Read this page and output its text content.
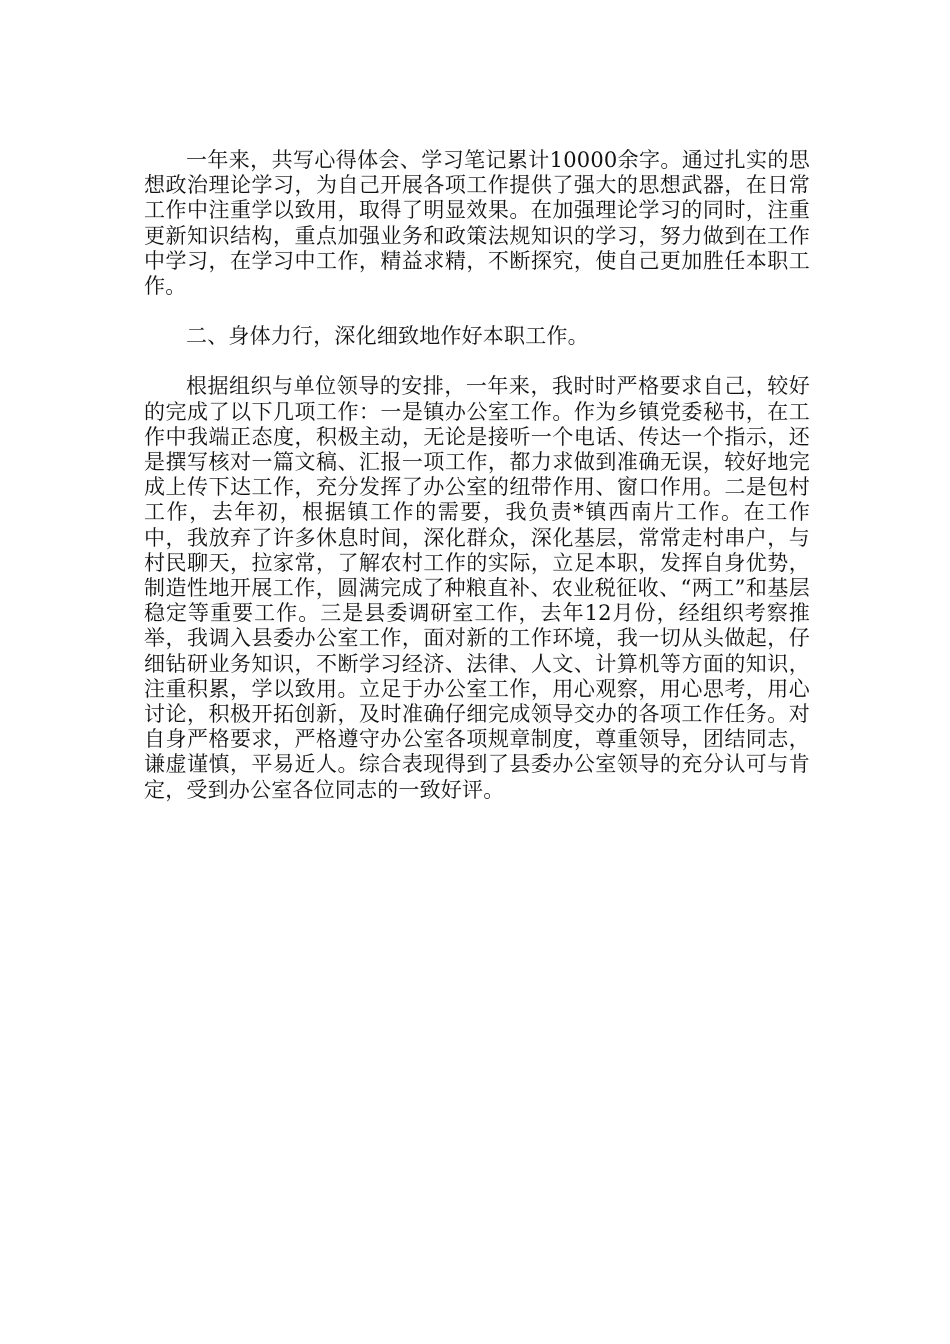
一年来，共写心得体会、学习笔记累计10000余字。通过扎实的思想政治理论学习，为自己开展各项工作提供了强大的思想武器，在日常工作中注重学以致用，取得了明显效果。在加强理论学习的同时，注重更新知识结构，重点加强业务和政策法规知识的学习，努力做到在工作中学习，在学习中工作，精益求精，不断探究，使自己更加胜任本职工作。

二、身体力行，深化细致地作好本职工作。

根据组织与单位领导的安排，一年来，我时时严格要求自己，较好的完成了以下几项工作：一是镇办公室工作。作为乡镇党委秘书，在工作中我端正态度，积极主动，无论是接听一个电话、传达一个指示，还是撰写核对一篇文稿、汇报一项工作，都力求做到准确无误，较好地完成上传下达工作，充分发挥了办公室的纽带作用、窗口作用。二是包村工作，去年初，根据镇工作的需要，我负责*镇西南片工作。在工作中，我放弃了许多休息时间，深化群众，深化基层，常常走村串户，与村民聊天，拉家常，了解农村工作的实际，立足本职，发挥自身优势，制造性地开展工作，圆满完成了种粮直补、农业税征收、“两工”和基层稳定等重要工作。三是县委调研室工作，去年12月份，经组织考察推举，我调入县委办公室工作，面对新的工作环境，我一切从头做起，仔细钻研业务知识，不断学习经济、法律、人文、计算机等方面的知识，注重积累，学以致用。立足于办公室工作，用心观察，用心思考，用心讨论，积极开拓创新，及时准确仔细完成领导交办的各项工作任务。对自身严格要求，严格遵守办公室各项规章制度，尊重领导，团结同志，谦虚谨慎，平易近人。综合表现得到了县委办公室领导的充分认可与肯定，受到办公室各位同志的一致好评。
